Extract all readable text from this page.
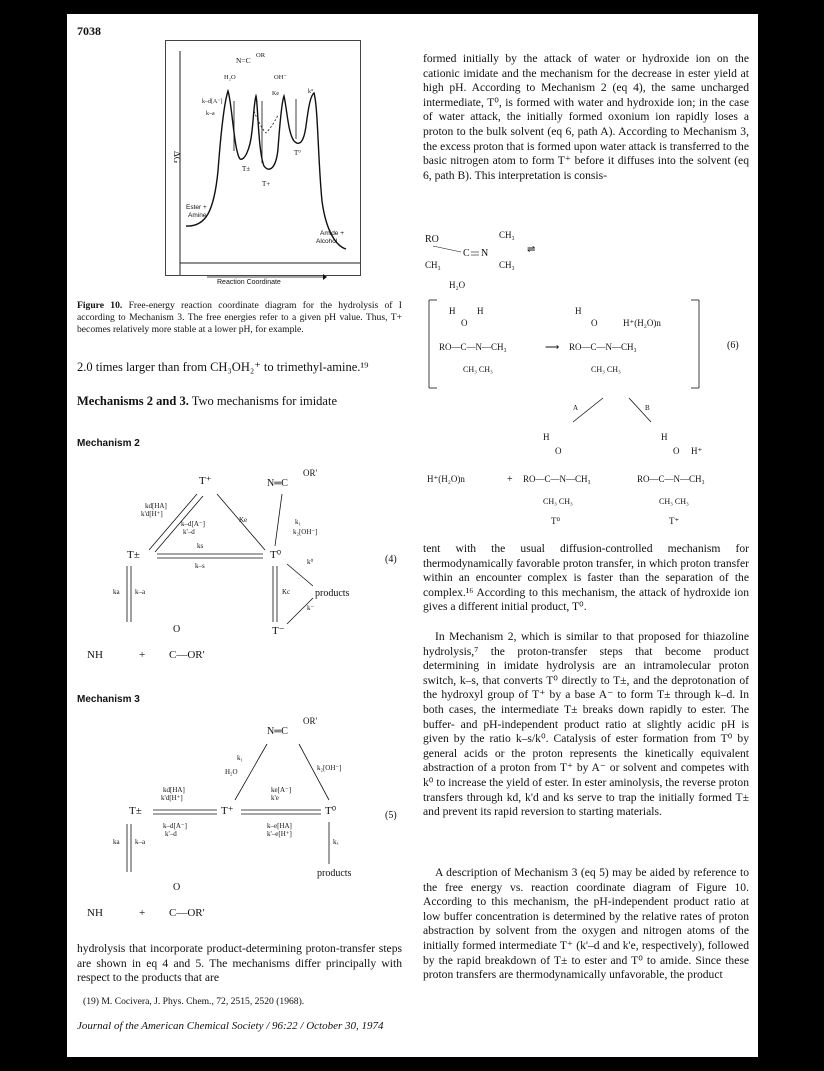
7038
ΔG
N=C
OR
H₂O
k–d[A⁻]
k–a
OH⁻
Ke	k°
T±
T+
T°
Ester +
Amine
Amide +
Alcohol
Reaction Coordinate
Figure 10. Free-energy reaction coordinate diagram for the hydrolysis of I according to Mechanism 3. The free energies refer to a given pH value. Thus, T+ becomes relatively more stable at a lower pH, for example.
2.0 times larger than from CH₃OH₂⁺ to trimethyl-amine.¹⁹
Mechanisms 2 and 3. Two mechanisms for imidate
Mechanism 2
T⁺	N═C
OR'
T±	T⁰
T⁻
products
(4)
kd[HA]
k'd[H⁺]
k–d[A⁻]
k'–d
Ke
ks
k–s
k₁
k₂[OH⁻]
k⁰
Kc
k⁻
ka k–a
NH	+ C—OR'
O
Mechanism 3
N═C
OR'
T±	T⁺	T⁰
products
(5)
k₁
H₂O	k₂[OH⁻]
kd[HA]
k'd[H⁺]
k–d[A⁻]
k'–d
ke[A⁻]
k'e
k–e[HA]
k'–e[H⁺]
ka k–a	kₓ
NH	+ C—OR'
O
hydrolysis that incorporate product-determining proton-transfer steps are shown in eq 4 and 5. The mechanisms differ principally with respect to the products that are
(19) M. Cocivera, J. Phys. Chem., 72, 2515, 2520 (1968).
formed initially by the attack of water or hydroxide ion on the cationic imidate and the mechanism for the decrease in ester yield at high pH. According to Mechanism 2 (eq 4), the same uncharged intermediate, T⁰, is formed with water and hydroxide ion; in the case of water attack, the initially formed oxonium ion rapidly loses a proton to the bulk solvent (eq 6, path A). According to Mechanism 3, the excess proton that is formed upon water attack is transferred to the basic nitrogen atom to form T⁺ before it diffuses into the solvent (eq 6, path B). This interpretation is consis-
RO
C N
CH₃
CH₃
CH₃
H₂O
⇌
(6)
H H
O
RO—C—N—CH₃
CH₃ CH₃
⟶
H
O	H⁺(H₂O)n
RO—C—N—CH₃
CH₃ CH₃
A	B
H
O
H⁺(H₂O)n	+ RO—C—N—CH₃
CH₃ CH₃
T⁰
H
O H⁺
RO—C—N—CH₃
CH₃ CH₃
T⁺
tent with the usual diffusion-controlled mechanism for thermodynamically favorable proton transfer, in which proton transfer within an encounter complex is faster than the separation of the complex.¹⁶ According to this mechanism, the attack of hydroxide ion gives a different initial product, T⁰.
In Mechanism 2, which is similar to that proposed for thiazoline hydrolysis,⁷ the proton-transfer steps that become product determining in imidate hydrolysis are an intramolecular proton switch, k–s, that converts T⁰ directly to T±, and the deprotonation of the hydroxyl group of T⁺ by a base A⁻ to form T± through k–d. In both cases, the intermediate T± breaks down rapidly to ester. The buffer- and pH-independent product ratio at slightly acidic pH is given by the ratio k–s/k⁰. Catalysis of ester formation from T⁰ by general acids or the proton represents the kinetically equivalent abstraction of a proton from T⁺ by A⁻ or solvent and competes with k⁰ to increase the yield of ester. In ester aminolysis, the reverse proton transfers through kd, k'd and ks serve to trap the initially formed T± and prevent its rapid reversion to starting materials.
A description of Mechanism 3 (eq 5) may be aided by reference to the free energy vs. reaction coordinate diagram of Figure 10. According to this mechanism, the pH-independent product ratio at low buffer concentration is determined by the relative rates of proton abstraction by solvent from the oxygen and nitrogen atoms of the initially formed intermediate T⁺ (k'–d and k'e, respectively), followed by the rapid breakdown of T± to ester and T⁰ to amide. Since these proton transfers are thermodynamically unfavorable, the product
Journal of the American Chemical Society / 96:22 / October 30, 1974
